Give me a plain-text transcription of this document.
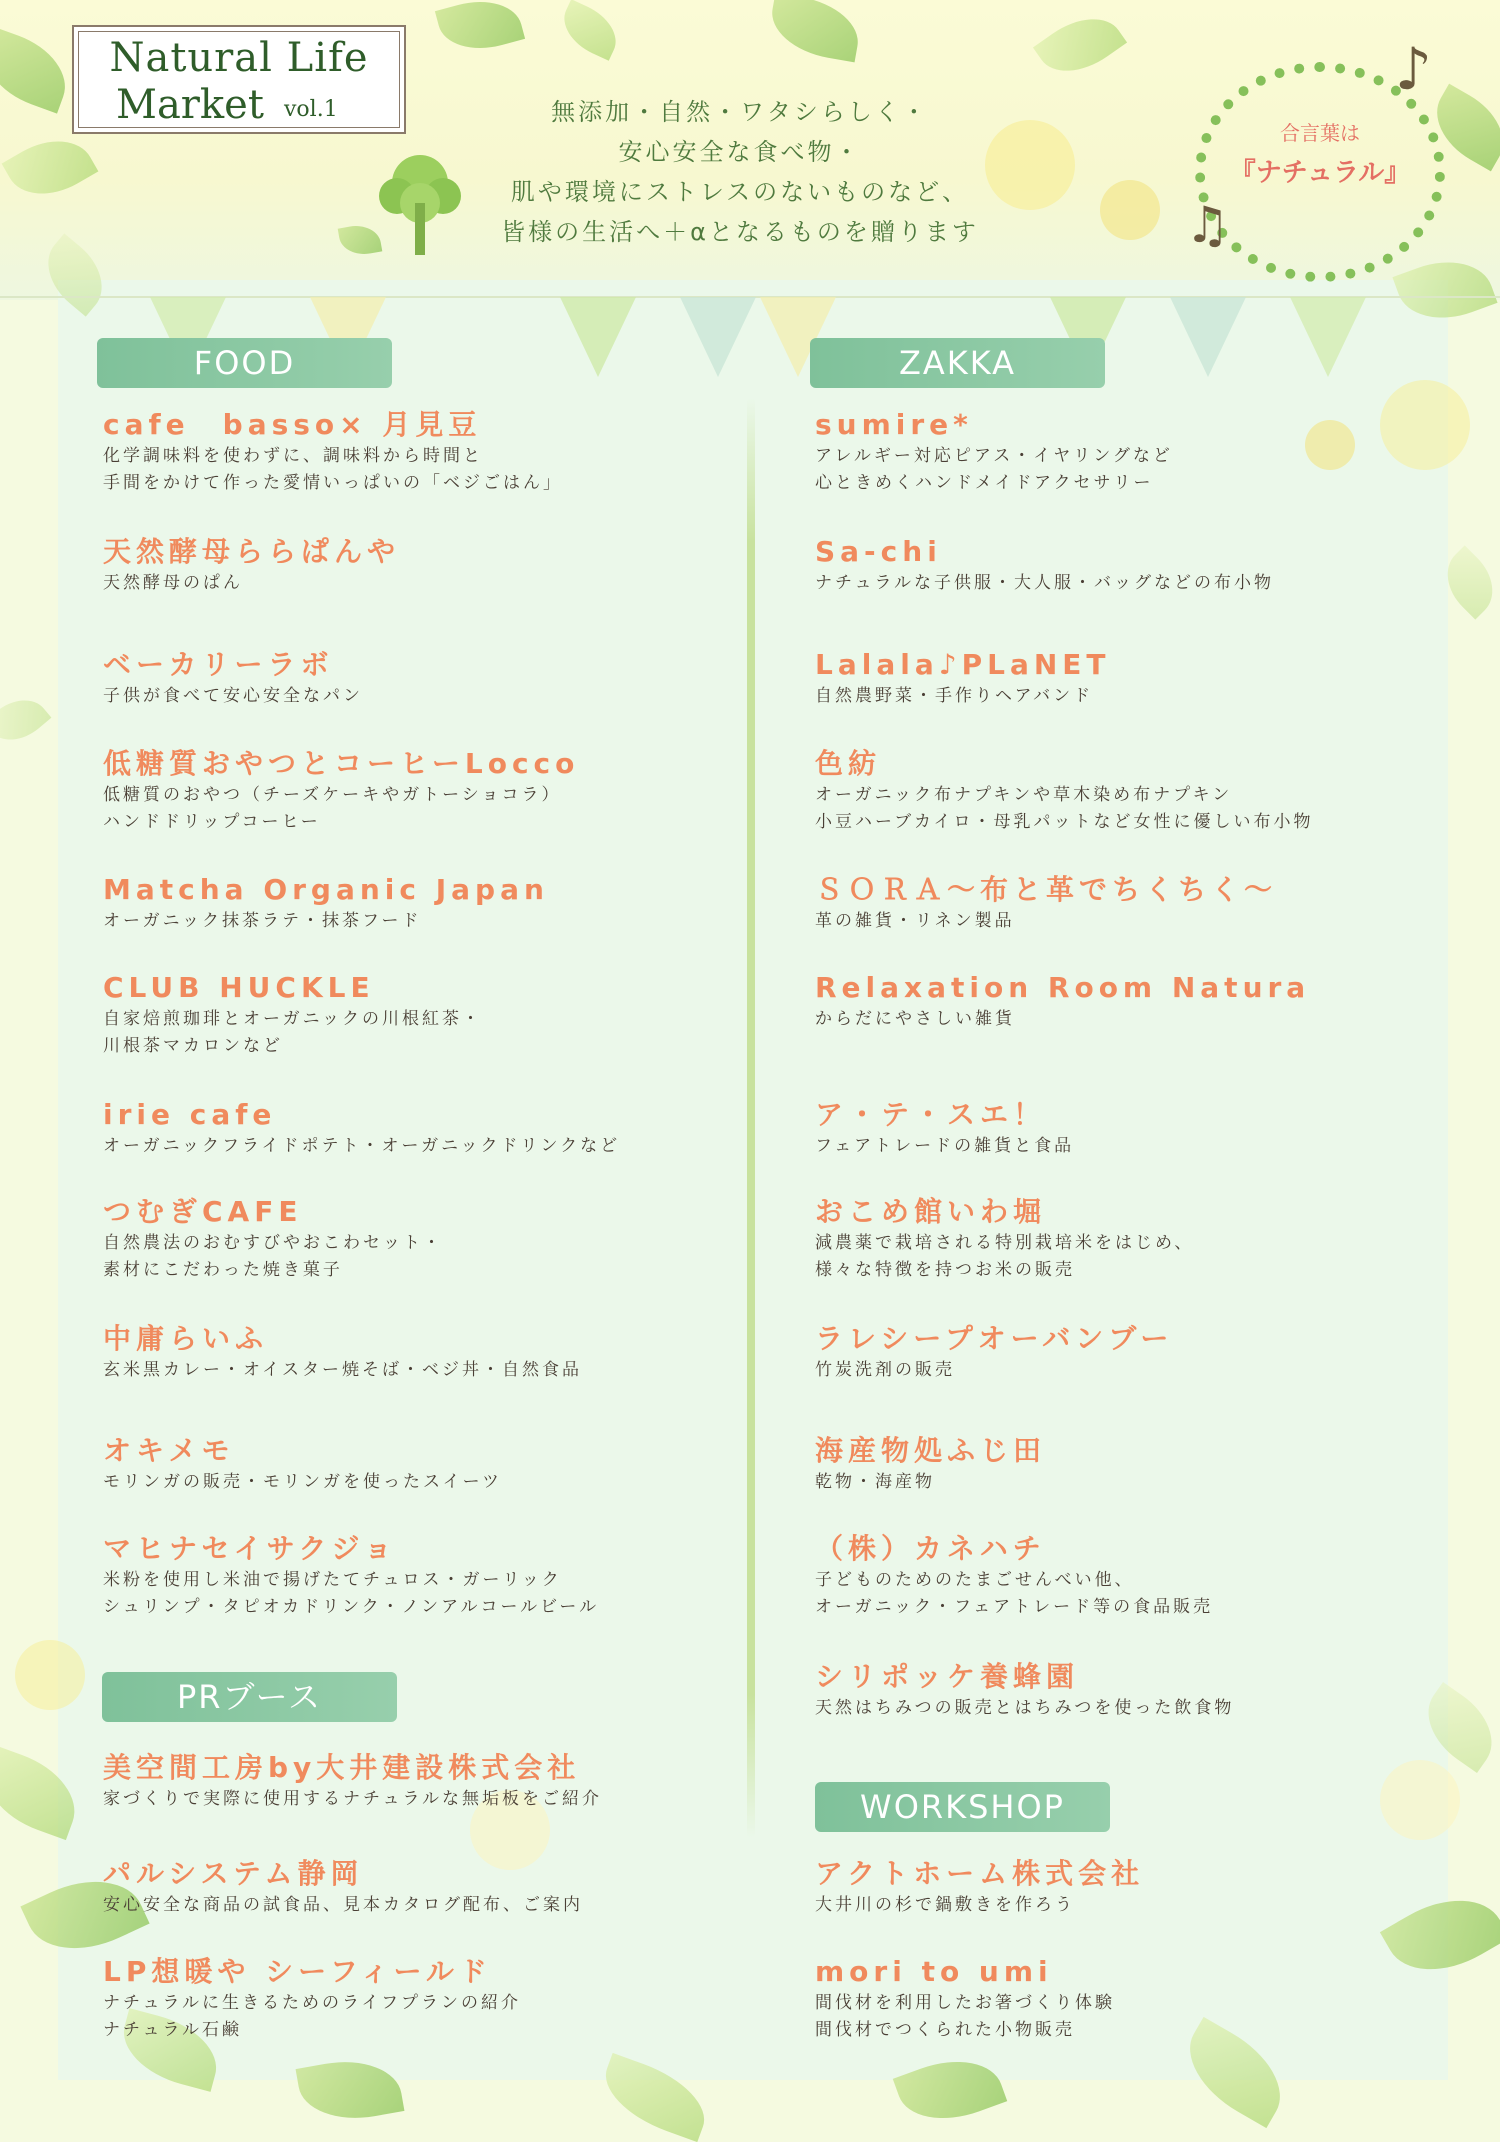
Natural Life
Market vol.1	無添加・自然・ワタシらしく・
安心安全な食べ物・
肌や環境にストレスのないものなど、
皆様の生活へ＋αとなるものを贈ります
合言葉は
『ナチュラル』
♪
♫
FOOD	ZAKKA
PRブース
WORKSHOP
cafe　basso× 月見豆
化学調味料を使わずに、調味料から時間と
手間をかけて作った愛情いっぱいの「ベジごはん」
天然酵母ららぱんや
天然酵母のぱん
ベーカリーラボ
子供が食べて安心安全なパン
低糖質おやつとコーヒーLocco
低糖質のおやつ（チーズケーキやガトーショコラ）
ハンドドリップコーヒー
Matcha Organic Japan
オーガニック抹茶ラテ・抹茶フード
CLUB HUCKLE
自家焙煎珈琲とオーガニックの川根紅茶・
川根茶マカロンなど
irie cafe
オーガニックフライドポテト・オーガニックドリンクなど
つむぎCAFE
自然農法のおむすびやおこわセット・
素材にこだわった焼き菓子
中庸らいふ
玄米黒カレー・オイスター焼そば・ベジ丼・自然食品
オキメモ
モリンガの販売・モリンガを使ったスイーツ
マヒナセイサクジョ
米粉を使用し米油で揚げたてチュロス・ガーリック
シュリンプ・タピオカドリンク・ノンアルコールビール
美空間工房by大井建設株式会社
家づくりで実際に使用するナチュラルな無垢板をご紹介
パルシステム静岡
安心安全な商品の試食品、見本カタログ配布、ご案内
LP想暖や シーフィールド
ナチュラルに生きるためのライフプランの紹介
ナチュラル石鹸
sumire*
アレルギー対応ピアス・イヤリングなど
心ときめくハンドメイドアクセサリー
Sa-chi
ナチュラルな子供服・大人服・バッグなどの布小物
Lalala♪PLaNET
自然農野菜・手作りヘアバンド
色紡
オーガニック布ナプキンや草木染め布ナプキン
小豆ハーブカイロ・母乳パットなど女性に優しい布小物
ＳＯＲＡ～布と革でちくちく～
革の雑貨・リネン製品
Relaxation Room Natura
からだにやさしい雑貨
ア・テ・スエ！
フェアトレードの雑貨と食品
おこめ館いわ堀
減農薬で栽培される特別栽培米をはじめ、
様々な特徴を持つお米の販売
ラレシープオーバンブー
竹炭洗剤の販売
海産物処ふじ田
乾物・海産物
（株）カネハチ
子どものためのたまごせんべい他、
オーガニック・フェアトレード等の食品販売
シリポッケ養蜂園
天然はちみつの販売とはちみつを使った飲食物
アクトホーム株式会社
大井川の杉で鍋敷きを作ろう
mori to umi
間伐材を利用したお箸づくり体験
間伐材でつくられた小物販売
